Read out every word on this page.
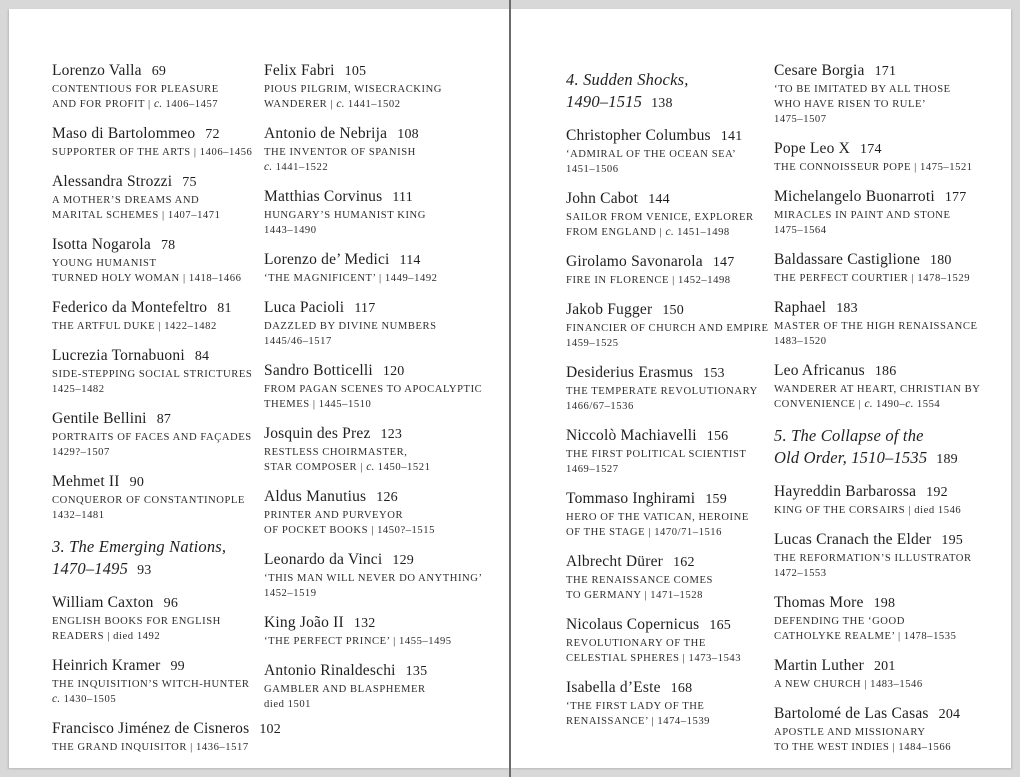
Lorenzo Valla 69
CONTENTIOUS FOR PLEASURE
AND FOR PROFIT | c. 1406–1457
Maso di Bartolommeo 72
SUPPORTER OF THE ARTS | 1406–1456
Alessandra Strozzi 75
A MOTHER’S DREAMS AND
MARITAL SCHEMES | 1407–1471
Isotta Nogarola 78
YOUNG HUMANIST
TURNED HOLY WOMAN | 1418–1466
Federico da Montefeltro 81
THE ARTFUL DUKE | 1422–1482
Lucrezia Tornabuoni 84
SIDE-STEPPING SOCIAL STRICTURES
1425–1482
Gentile Bellini 87
PORTRAITS OF FACES AND FAÇADES
1429?–1507
Mehmet II 90
CONQUEROR OF CONSTANTINOPLE
1432–1481
3. The Emerging Nations,
1470–1495 93
William Caxton 96
ENGLISH BOOKS FOR ENGLISH
READERS | died 1492
Heinrich Kramer 99
THE INQUISITION’S WITCH-HUNTER
c. 1430–1505
Francisco Jiménez de Cisneros 102
THE GRAND INQUISITOR | 1436–1517
Felix Fabri 105
PIOUS PILGRIM, WISECRACKING
WANDERER | c. 1441–1502
Antonio de Nebrija 108
THE INVENTOR OF SPANISH
c. 1441–1522
Matthias Corvinus 111
HUNGARY’S HUMANIST KING
1443–1490
Lorenzo de’ Medici 114
‘THE MAGNIFICENT’ | 1449–1492
Luca Pacioli 117
DAZZLED BY DIVINE NUMBERS
1445/46–1517
Sandro Botticelli 120
FROM PAGAN SCENES TO APOCALYPTIC
THEMES | 1445–1510
Josquin des Prez 123
RESTLESS CHOIRMASTER,
STAR COMPOSER | c. 1450–1521
Aldus Manutius 126
PRINTER AND PURVEYOR
OF POCKET BOOKS | 1450?–1515
Leonardo da Vinci 129
‘THIS MAN WILL NEVER DO ANYTHING’
1452–1519
King João II 132
‘THE PERFECT PRINCE’ | 1455–1495
Antonio Rinaldeschi 135
GAMBLER AND BLASPHEMER
died 1501
4. Sudden Shocks,
1490–1515 138
Christopher Columbus 141
‘ADMIRAL OF THE OCEAN SEA’
1451–1506
John Cabot 144
SAILOR FROM VENICE, EXPLORER
FROM ENGLAND | c. 1451–1498
Girolamo Savonarola 147
FIRE IN FLORENCE | 1452–1498
Jakob Fugger 150
FINANCIER OF CHURCH AND EMPIRE
1459–1525
Desiderius Erasmus 153
THE TEMPERATE REVOLUTIONARY
1466/67–1536
Niccolò Machiavelli 156
THE FIRST POLITICAL SCIENTIST
1469–1527
Tommaso Inghirami 159
HERO OF THE VATICAN, HEROINE
OF THE STAGE | 1470/71–1516
Albrecht Dürer 162
THE RENAISSANCE COMES
TO GERMANY | 1471–1528
Nicolaus Copernicus 165
REVOLUTIONARY OF THE
CELESTIAL SPHERES | 1473–1543
Isabella d’Este 168
‘THE FIRST LADY OF THE
RENAISSANCE’ | 1474–1539
Cesare Borgia 171
‘TO BE IMITATED BY ALL THOSE
WHO HAVE RISEN TO RULE’
1475–1507
Pope Leo X 174
THE CONNOISSEUR POPE | 1475–1521
Michelangelo Buonarroti 177
MIRACLES IN PAINT AND STONE
1475–1564
Baldassare Castiglione 180
THE PERFECT COURTIER | 1478–1529
Raphael 183
MASTER OF THE HIGH RENAISSANCE
1483–1520
Leo Africanus 186
WANDERER AT HEART, CHRISTIAN BY
CONVENIENCE | c. 1490–c. 1554
5. The Collapse of the
Old Order, 1510–1535 189
Hayreddin Barbarossa 192
KING OF THE CORSAIRS | died 1546
Lucas Cranach the Elder 195
THE REFORMATION’S ILLUSTRATOR
1472–1553
Thomas More 198
DEFENDING THE ‘GOOD
CATHOLYKE REALME’ | 1478–1535
Martin Luther 201
A NEW CHURCH | 1483–1546
Bartolomé de Las Casas 204
APOSTLE AND MISSIONARY
TO THE WEST INDIES | 1484–1566
